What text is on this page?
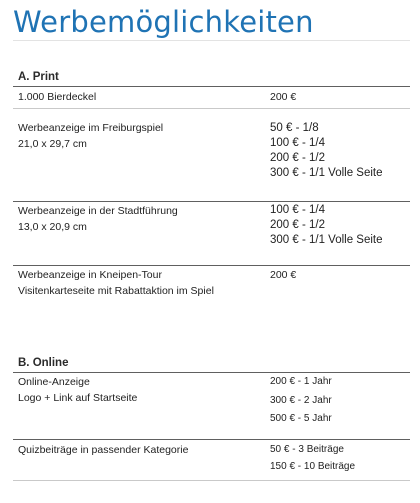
Werbemöglichkeiten
A. Print
1.000 Bierdeckel	200 €
Werbeanzeige im Freiburgspiel
21,0 x 29,7 cm
50 € - 1/8
100 € - 1/4
200 € - 1/2
300 € - 1/1 Volle Seite
Werbeanzeige in der Stadtführung
13,0 x 20,9 cm
100 € - 1/4
200 € - 1/2
300 € - 1/1 Volle Seite
Werbeanzeige in Kneipen-Tour
Visitenkarteseite mit Rabattaktion im Spiel
200 €
B. Online
Online-Anzeige
Logo + Link auf Startseite
200 € - 1 Jahr
300 € - 2 Jahr
500 € - 5 Jahr
Quizbeiträge in passender Kategorie	50 € - 3 Beiträge
150 € - 10 Beiträge
